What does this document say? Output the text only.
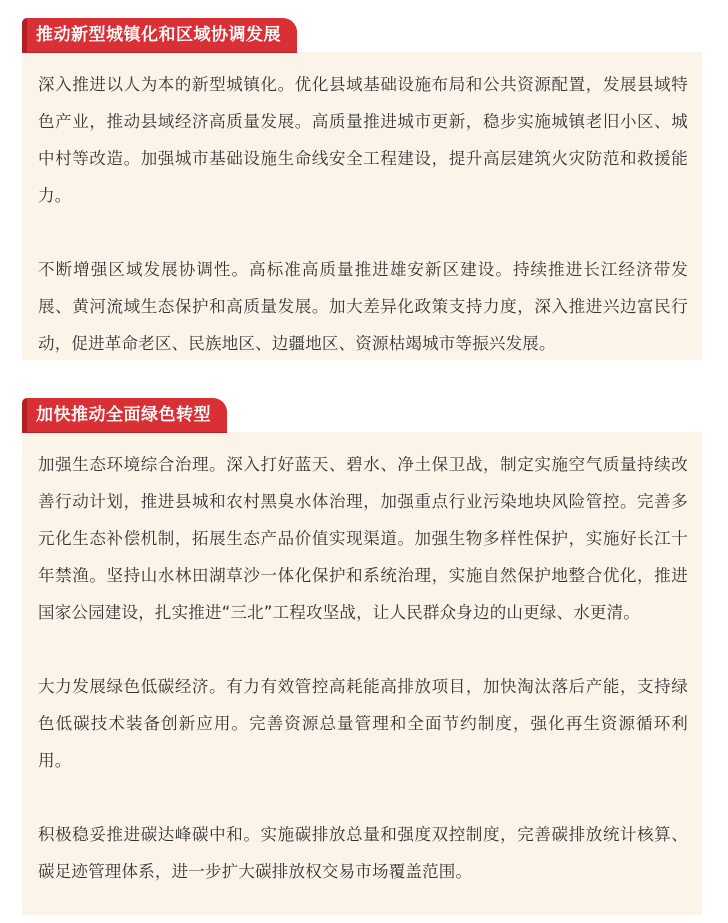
推动新型城镇化和区域协调发展

深入推进以人为本的新型城镇化。优化县域基础设施布局和公共资源配置，发展县域特色产业，推动县域经济高质量发展。高质量推进城市更新，稳步实施城镇老旧小区、城中村等改造。加强城市基础设施生命线安全工程建设，提升高层建筑火灾防范和救援能力。

不断增强区域发展协调性。高标准高质量推进雄安新区建设。持续推进长江经济带发展、黄河流域生态保护和高质量发展。加大差异化政策支持力度，深入推进兴边富民行动，促进革命老区、民族地区、边疆地区、资源枯竭城市等振兴发展。

加快推动全面绿色转型

加强生态环境综合治理。深入打好蓝天、碧水、净土保卫战，制定实施空气质量持续改善行动计划，推进县城和农村黑臭水体治理，加强重点行业污染地块风险管控。完善多元化生态补偿机制，拓展生态产品价值实现渠道。加强生物多样性保护，实施好长江十年禁渔。坚持山水林田湖草沙一体化保护和系统治理，实施自然保护地整合优化，推进国家公园建设，扎实推进“三北”工程攻坚战，让人民群众身边的山更绿、水更清。

大力发展绿色低碳经济。有力有效管控高耗能高排放项目，加快淘汰落后产能，支持绿色低碳技术装备创新应用。完善资源总量管理和全面节约制度，强化再生资源循环利用。

积极稳妥推进碳达峰碳中和。实施碳排放总量和强度双控制度，完善碳排放统计核算、碳足迹管理体系，进一步扩大碳排放权交易市场覆盖范围。
